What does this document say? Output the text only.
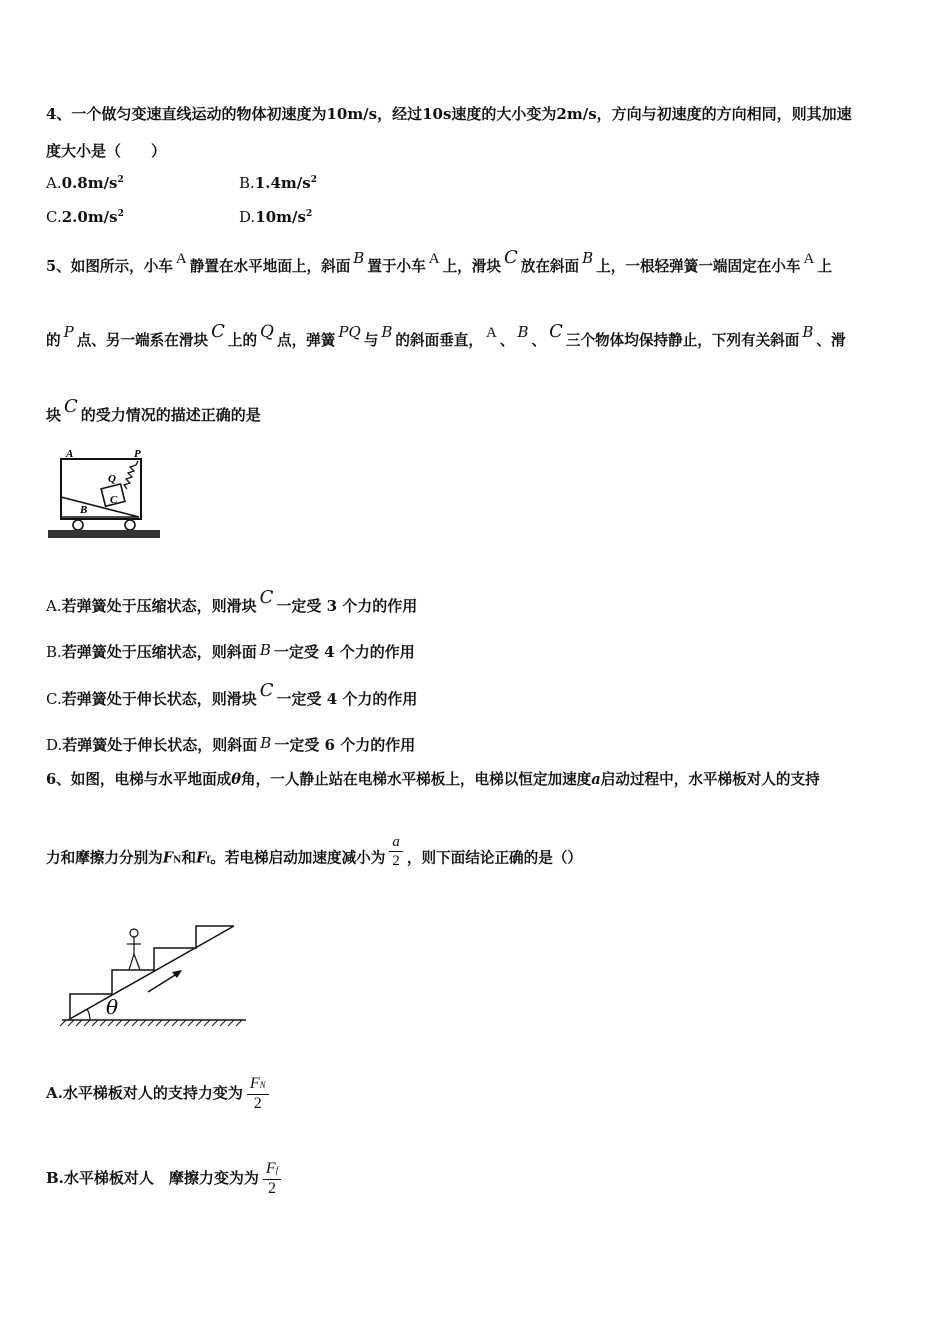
4、一个做匀变速直线运动的物体初速度为10m/s，经过10s速度的大小变为2m/s，方向与初速度的方向相同，则其加速
度大小是（　　）
$A.0.8m/s^2$	$B.1.4m/s^2$
$C.2.0m/s^2$	$D.10m/s^2$
5、如图所示，小车 A 静置在水平地面上，斜面 B 置于小车 A 上，滑块 C 放在斜面 B 上，一根轻弹簧一端固定在小车 A 上
的 P 点、另一端系在滑块 C 上的 Q 点，弹簧 PQ 与 B 的斜面垂直， A 、 B 、 C 三个物体均保持静止，下列有关斜面 B 、滑
块 C 的受力情况的描述正确的是
A	P
Q
C
B
A.若弹簧处于压缩状态，则滑块 C 一定受 3 个力的作用
B.若弹簧处于压缩状态，则斜面 B 一定受 4 个力的作用
C.若弹簧处于伸长状态，则滑块 C 一定受 4 个力的作用
D.若弹簧处于伸长状态，则斜面 B 一定受 6 个力的作用
6、如图，电梯与水平地面成θ角，一人静止站在电梯水平梯板上，电梯以恒定加速度a启动过程中，水平梯板对人的支持
力和摩擦力分别为FN和Ff。若电梯启动加速度减小为 $\frac{a}{2}$ ，则下面结论正确的是（）
θ
A.水平梯板对人的支持力变为 $\frac{FN}{2}$
B.水平梯板对人　摩擦力变为为 $\frac{Ff}{2}$
